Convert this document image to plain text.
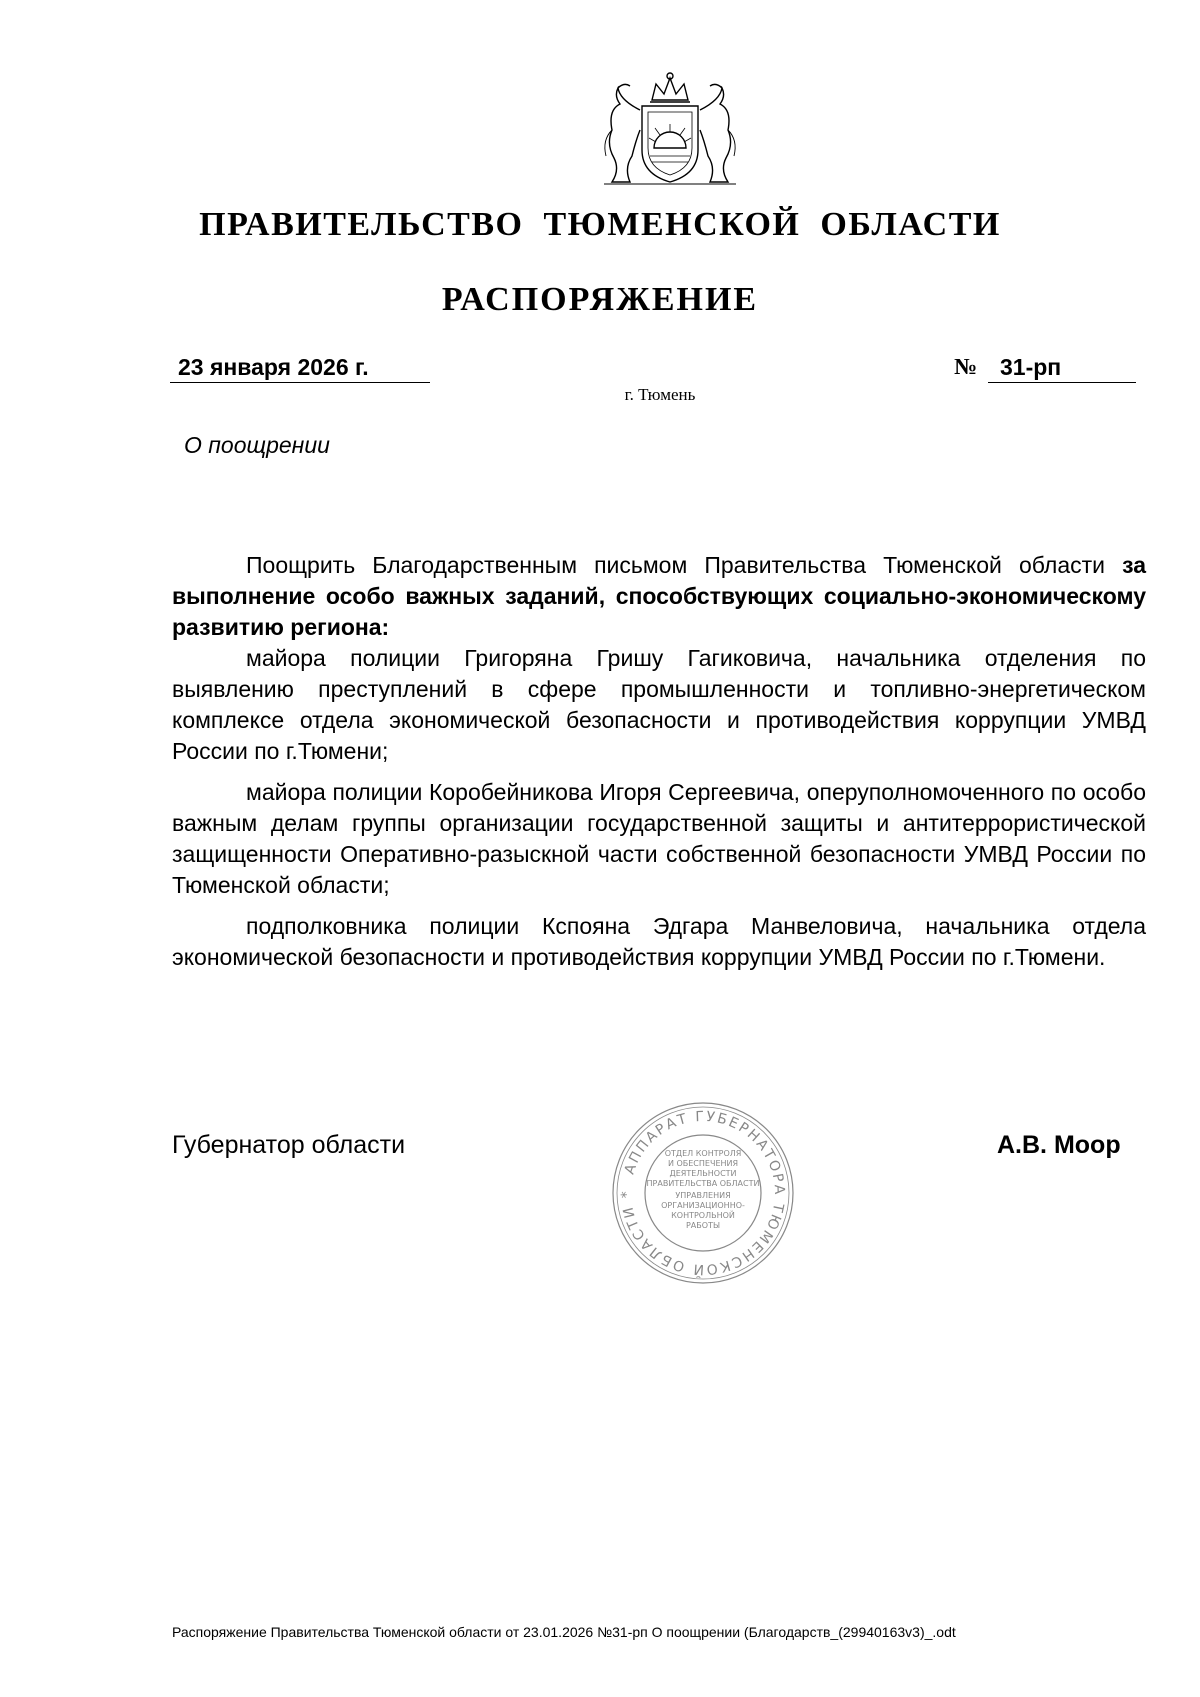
ПРАВИТЕЛЬСТВО ТЮМЕНСКОЙ ОБЛАСТИ
РАСПОРЯЖЕНИЕ
23 января 2026 г.	№ 31-рп
г. Тюмень
О поощрении

Поощрить Благодарственным письмом Правительства Тюменской области за выполнение особо важных заданий, способствующих социально-экономическому развитию региона:

майора полиции Григоряна Гришу Гагиковича, начальника отделения по выявлению преступлений в сфере промышленности и топливно-энергетическом комплексе отдела экономической безопасности и противодействия коррупции УМВД России по г.Тюмени;

майора полиции Коробейникова Игоря Сергеевича, оперуполномоченного по особо важным делам группы организации государственной защиты и антитеррористической защищенности Оперативно-разыскной части собственной безопасности УМВД России по Тюменской области;

подполковника полиции Кспояна Эдгара Манвеловича, начальника отдела экономической безопасности и противодействия коррупции УМВД России по г.Тюмени.

Губернатор области
АППАРАТ ГУБЕРНАТОРА ТЮМЕНСКОЙ ОБЛАСТИ *
ОТДЕЛ КОНТРОЛЯ
И ОБЕСПЕЧЕНИЯ
ДЕЯТЕЛЬНОСТИ
ПРАВИТЕЛЬСТВА ОБЛАСТИ
УПРАВЛЕНИЯ
ОРГАНИЗАЦИОННО-
КОНТРОЛЬНОЙ
РАБОТЫ
А.В. Моор
Распоряжение Правительства Тюменской области от 23.01.2026 №31-рп О поощрении (Благодарств_(29940163v3)_.odt
